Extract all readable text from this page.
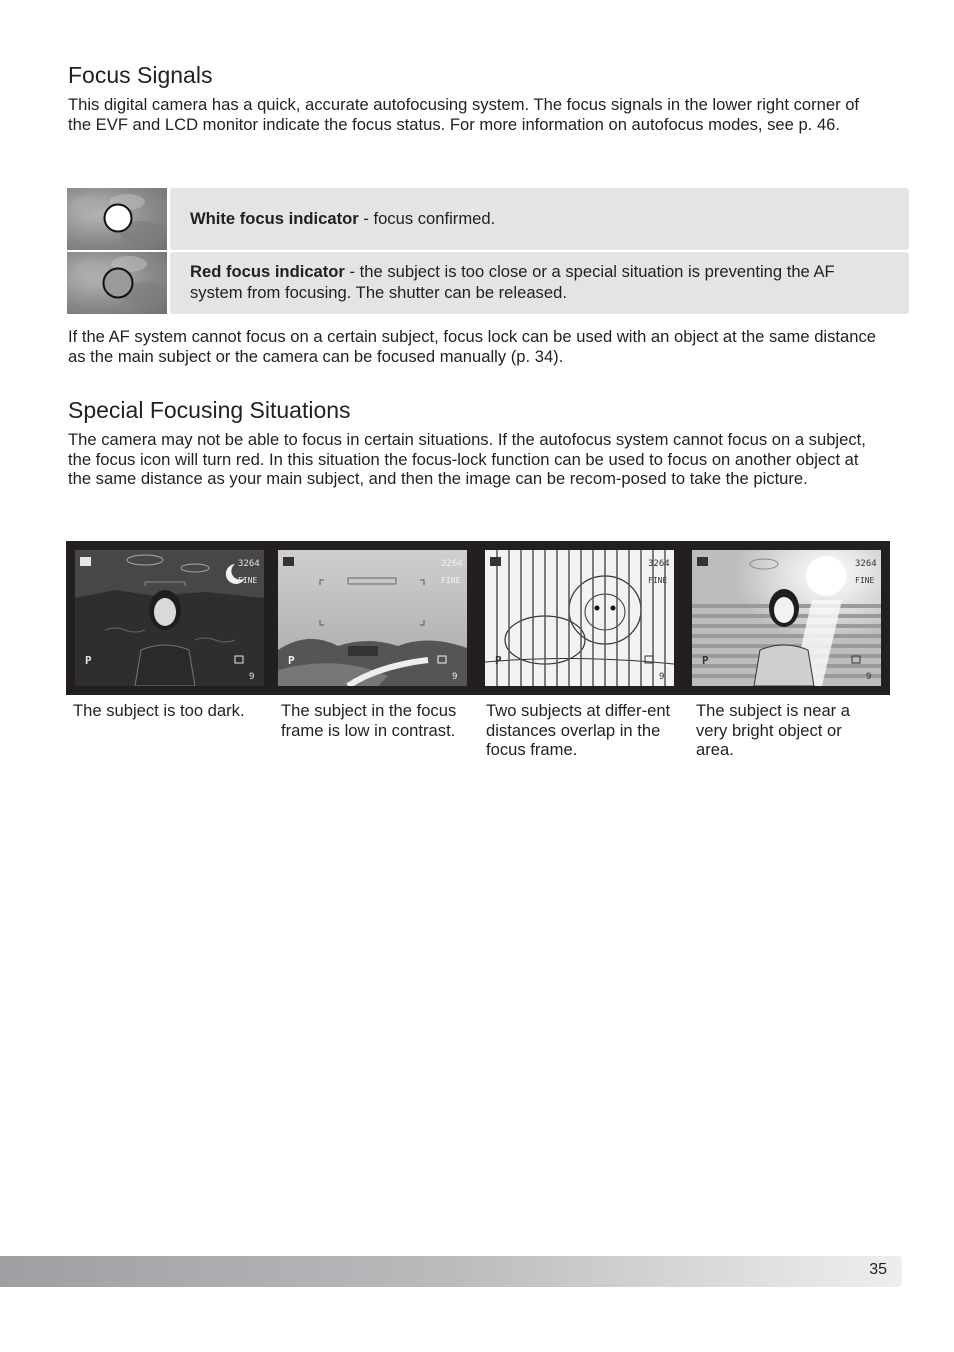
Focus Signals

This digital camera has a quick, accurate autofocusing system. The focus signals in the lower right corner of the EVF and LCD monitor indicate the focus status. For more information on autofocus modes, see p. 46.

White focus indicator - focus confirmed.
Red focus indicator - the subject is too close or a special situation is preventing the AF system from focusing. The shutter can be released.

If the AF system cannot focus on a certain subject, focus lock can be used with an object at the same distance as the main subject or the camera can be focused manually (p. 34).

Special Focusing Situations

The camera may not be able to focus in certain situations. If the autofocus system cannot focus on a subject, the focus icon will turn red. In this situation the focus-lock function can be used to focus on another object at the same distance as your main subject, and then the image can be recom-posed to take the picture.

3264
FINE
P
9
3264
FINE
P
9
3264
FINE
P
9
3264
FINE
P
9
The subject is too dark.	The subject in the focus frame is low in contrast.
Two subjects at differ-ent distances overlap in the focus frame.
The subject is near a very bright object or area.
35
